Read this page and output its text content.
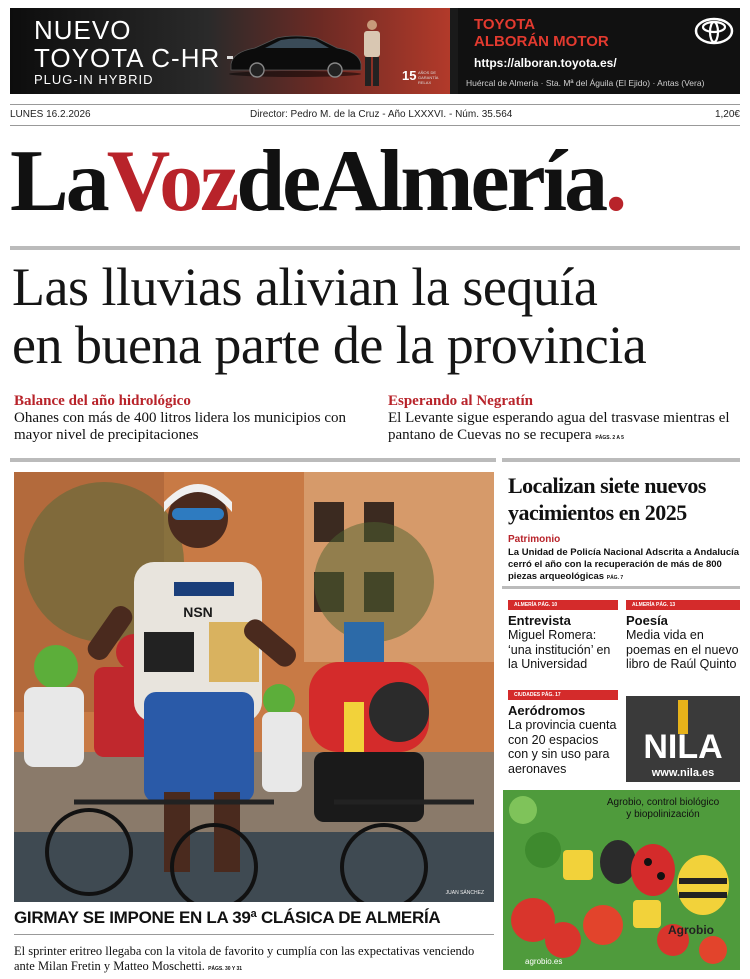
NUEVO
TOYOTA C-HR
PLUG-IN HYBRID	15 AÑOS DE GARANTÍA RELAX
TOYOTA
ALBORÁN MOTOR
https://alboran.toyota.es/
Huércal de Almería · Sta. Mª del Águila (El Ejido) · Antas (Vera)
LUNES 16.2.2026	Director: Pedro M. de la Cruz - Año LXXXVI. - Núm. 35.564	1,20€
LaVozdeAlmería.
Las lluvias alivian la sequía
en buena parte de la provincia
Balance del año hidrológico
Ohanes con más de 400 litros lidera los municipios con mayor nivel de precipitaciones
Esperando al Negratín
El Levante sigue esperando agua del trasvase mientras el pantano de Cuevas no se recupera PÁGS. 2 A 5
NSN
JUAN SÁNCHEZ
GIRMAY SE IMPONE EN LA 39ª CLÁSICA DE ALMERÍA
El sprinter eritreo llegaba con la vitola de favorito y cumplía con las expectativas venciendo ante Milan Fretin y Matteo Moschetti. PÁGS. 30 Y 31
Localizan siete nuevos yacimientos en 2025
Patrimonio
La Unidad de Policía Nacional Adscrita a Andalucía cerró el año con la recuperación de más de 800 piezas arqueológicas PÁG. 7
ALMERÍA PÁG. 10
Entrevista
Miguel Romera: ‘una institución’ en la Universidad
ALMERÍA PÁG. 13
Poesía
Media vida en poemas en el nuevo libro de Raúl Quinto
CIUDADES PÁG. 17
Aeródromos
La provincia cuenta con 20 espacios con y sin uso para aeronaves
NILA
www.nila.es
Agrobio, control biológico y biopolinización
Agrobio
agrobio.es
